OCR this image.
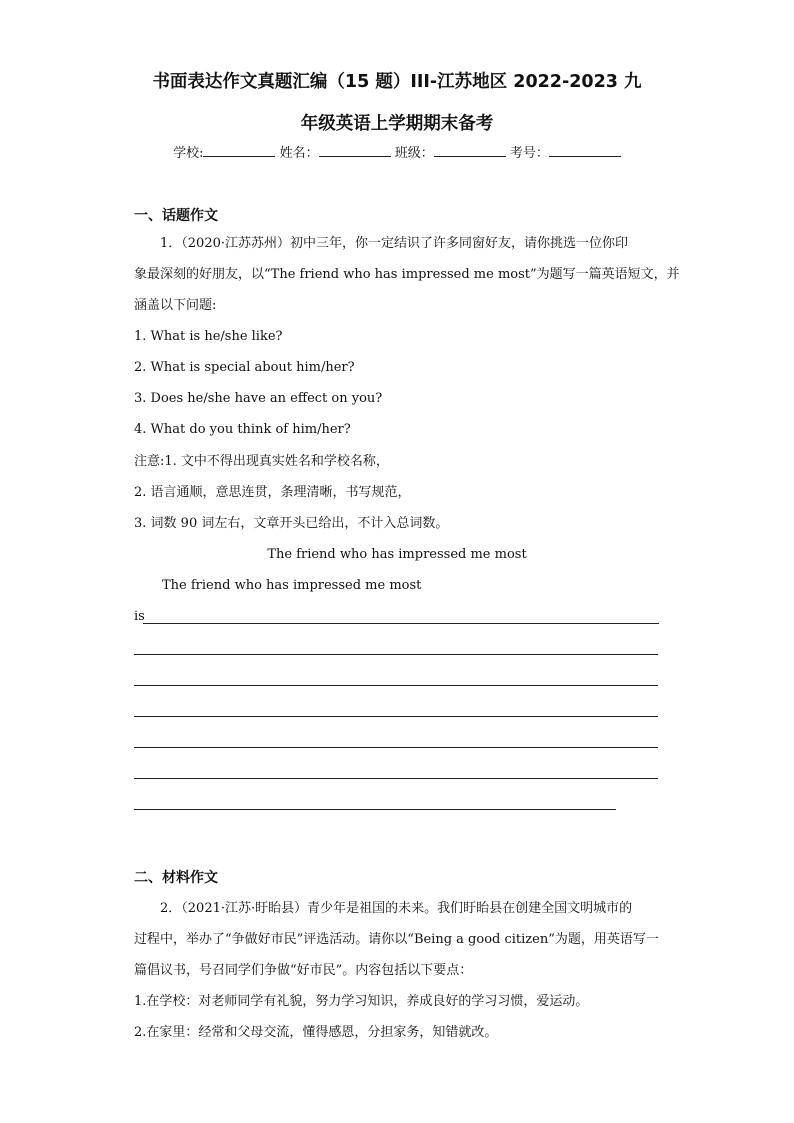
书面表达作文真题汇编（15 题）III-江苏地区 2022-2023 九
年级英语上学期期末备考
学校:	姓名：	班级：	考号：
一、话题作文
1．（2020·江苏苏州）初中三年，你一定结识了许多同窗好友，请你挑选一位你印
象最深刻的好朋友，以“The friend who has impressed me most”为题写一篇英语短文，并
涵盖以下问题:
1. What is he/she like?
2. What is special about him/her?
3. Does he/she have an effect on you?
4. What do you think of him/her?
注意:1. 文中不得出现真实姓名和学校名称，
2. 语言通顺，意思连贯，条理清晰，书写规范，
3. 词数 90 词左右，文章开头已给出，不计入总词数。
The friend who has impressed me most
The friend who has impressed me most
is
二、材料作文
2．（2021·江苏·盱眙县）青少年是祖国的未来。我们盱眙县在创建全国文明城市的
过程中，举办了“争做好市民”评选活动。请你以“Being a good citizen”为题，用英语写一
篇倡议书，号召同学们争做“好市民”。内容包括以下要点：
1.在学校：对老师同学有礼貌，努力学习知识，养成良好的学习习惯，爱运动。
2.在家里：经常和父母交流，懂得感恩，分担家务，知错就改。
